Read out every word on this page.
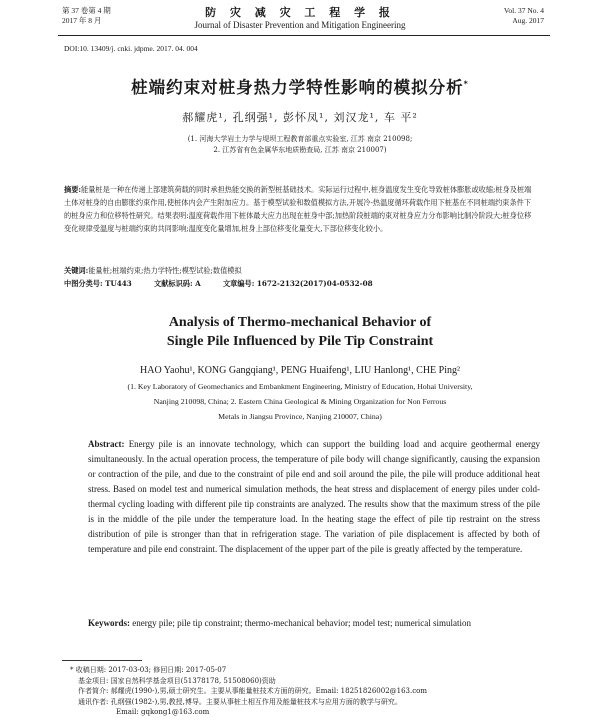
第 37 卷第 4 期
2017 年 8 月
防 灾 减 灾 工 程 学 报
Journal of Disaster Prevention and Mitigation Engineering
Vol. 37 No. 4
Aug. 2017
DOI:10. 13409/j. cnki. jdpme. 2017. 04. 004
桩端约束对桩身热力学特性影响的模拟分析*
郝耀虎¹, 孔纲强¹, 彭怀凤¹, 刘汉龙¹, 车 平²
(1. 河海大学岩土力学与堤坝工程教育部重点实验室, 江苏 南京 210098;
2. 江苏省有色金属华东地质勘查局, 江苏 南京 210007)
摘要:能量桩是一种在传递上部建筑荷载的同时承担热能交换的新型桩基础技术。实际运行过程中,桩身温度发生变化导致桩体膨胀或收缩;桩身及桩端土体对桩身的自由膨胀约束作用,使桩体内会产生附加应力。基于模型试验和数值模拟方法,开展冷-热温度循环荷载作用下桩基在不同桩端约束条件下的桩身应力和位移特性研究。结果表明:温度荷载作用下桩体最大应力出现在桩身中部;加热阶段桩端的束对桩身应力分布影响比制冷阶段大;桩身位移变化规律受温度与桩端约束的共同影响;温度变化量增加,桩身上部位移变化量变大,下部位移变化较小。
关键词:能量桩;桩端约束;热力学特性;模型试验;数值模拟
中图分类号: TU443	文献标识码: A	文章编号: 1672-2132(2017)04-0532-08
Analysis of Thermo-mechanical Behavior of Single Pile Influenced by Pile Tip Constraint
HAO Yaohu¹, KONG Gangqiang¹, PENG Huaifeng¹, LIU Hanlong¹, CHE Ping²
(1. Key Laboratory of Geomechanics and Embankment Engineering, Ministry of Education, Hohai University,
Nanjing 210098, China; 2. Eastern China Geological & Mining Organization for Non Ferrous
Metals in Jiangsu Province, Nanjing 210007, China)
Abstract: Energy pile is an innovate technology, which can support the building load and acquire geothermal energy simultaneously. In the actual operation process, the temperature of pile body will change significantly, causing the expansion or contraction of the pile, and due to the constraint of pile end and soil around the pile, the pile will produce additional heat stress. Based on model test and numerical simulation methods, the heat stress and displacement of energy piles under cold-thermal cycling loading with different pile tip constraints are analyzed. The results show that the maximum stress of the pile is in the middle of the pile under the temperature load. In the heating stage the effect of pile tip restraint on the stress distribution of pile is stronger than that in refrigeration stage. The variation of pile displacement is affected by both of temperature and pile end constraint. The displacement of the upper part of the pile is greatly affected by the temperature.
Keywords: energy pile; pile tip constraint; thermo-mechanical behavior; model test; numerical simulation
* 收稿日期: 2017-03-03; 修回日期: 2017-05-07
基金项目: 国家自然科学基金项目(51378178, 51508060)资助
作者简介: 郝耀虎(1990-),男,硕士研究生。主要从事能量桩技术方面的研究。Email: 18251826002@163.com
通讯作者: 孔纲强(1982-),男,教授,博导。主要从事桩土相互作用及能量桩技术与应用方面的教学与研究。
Email: gqkong1@163.com
